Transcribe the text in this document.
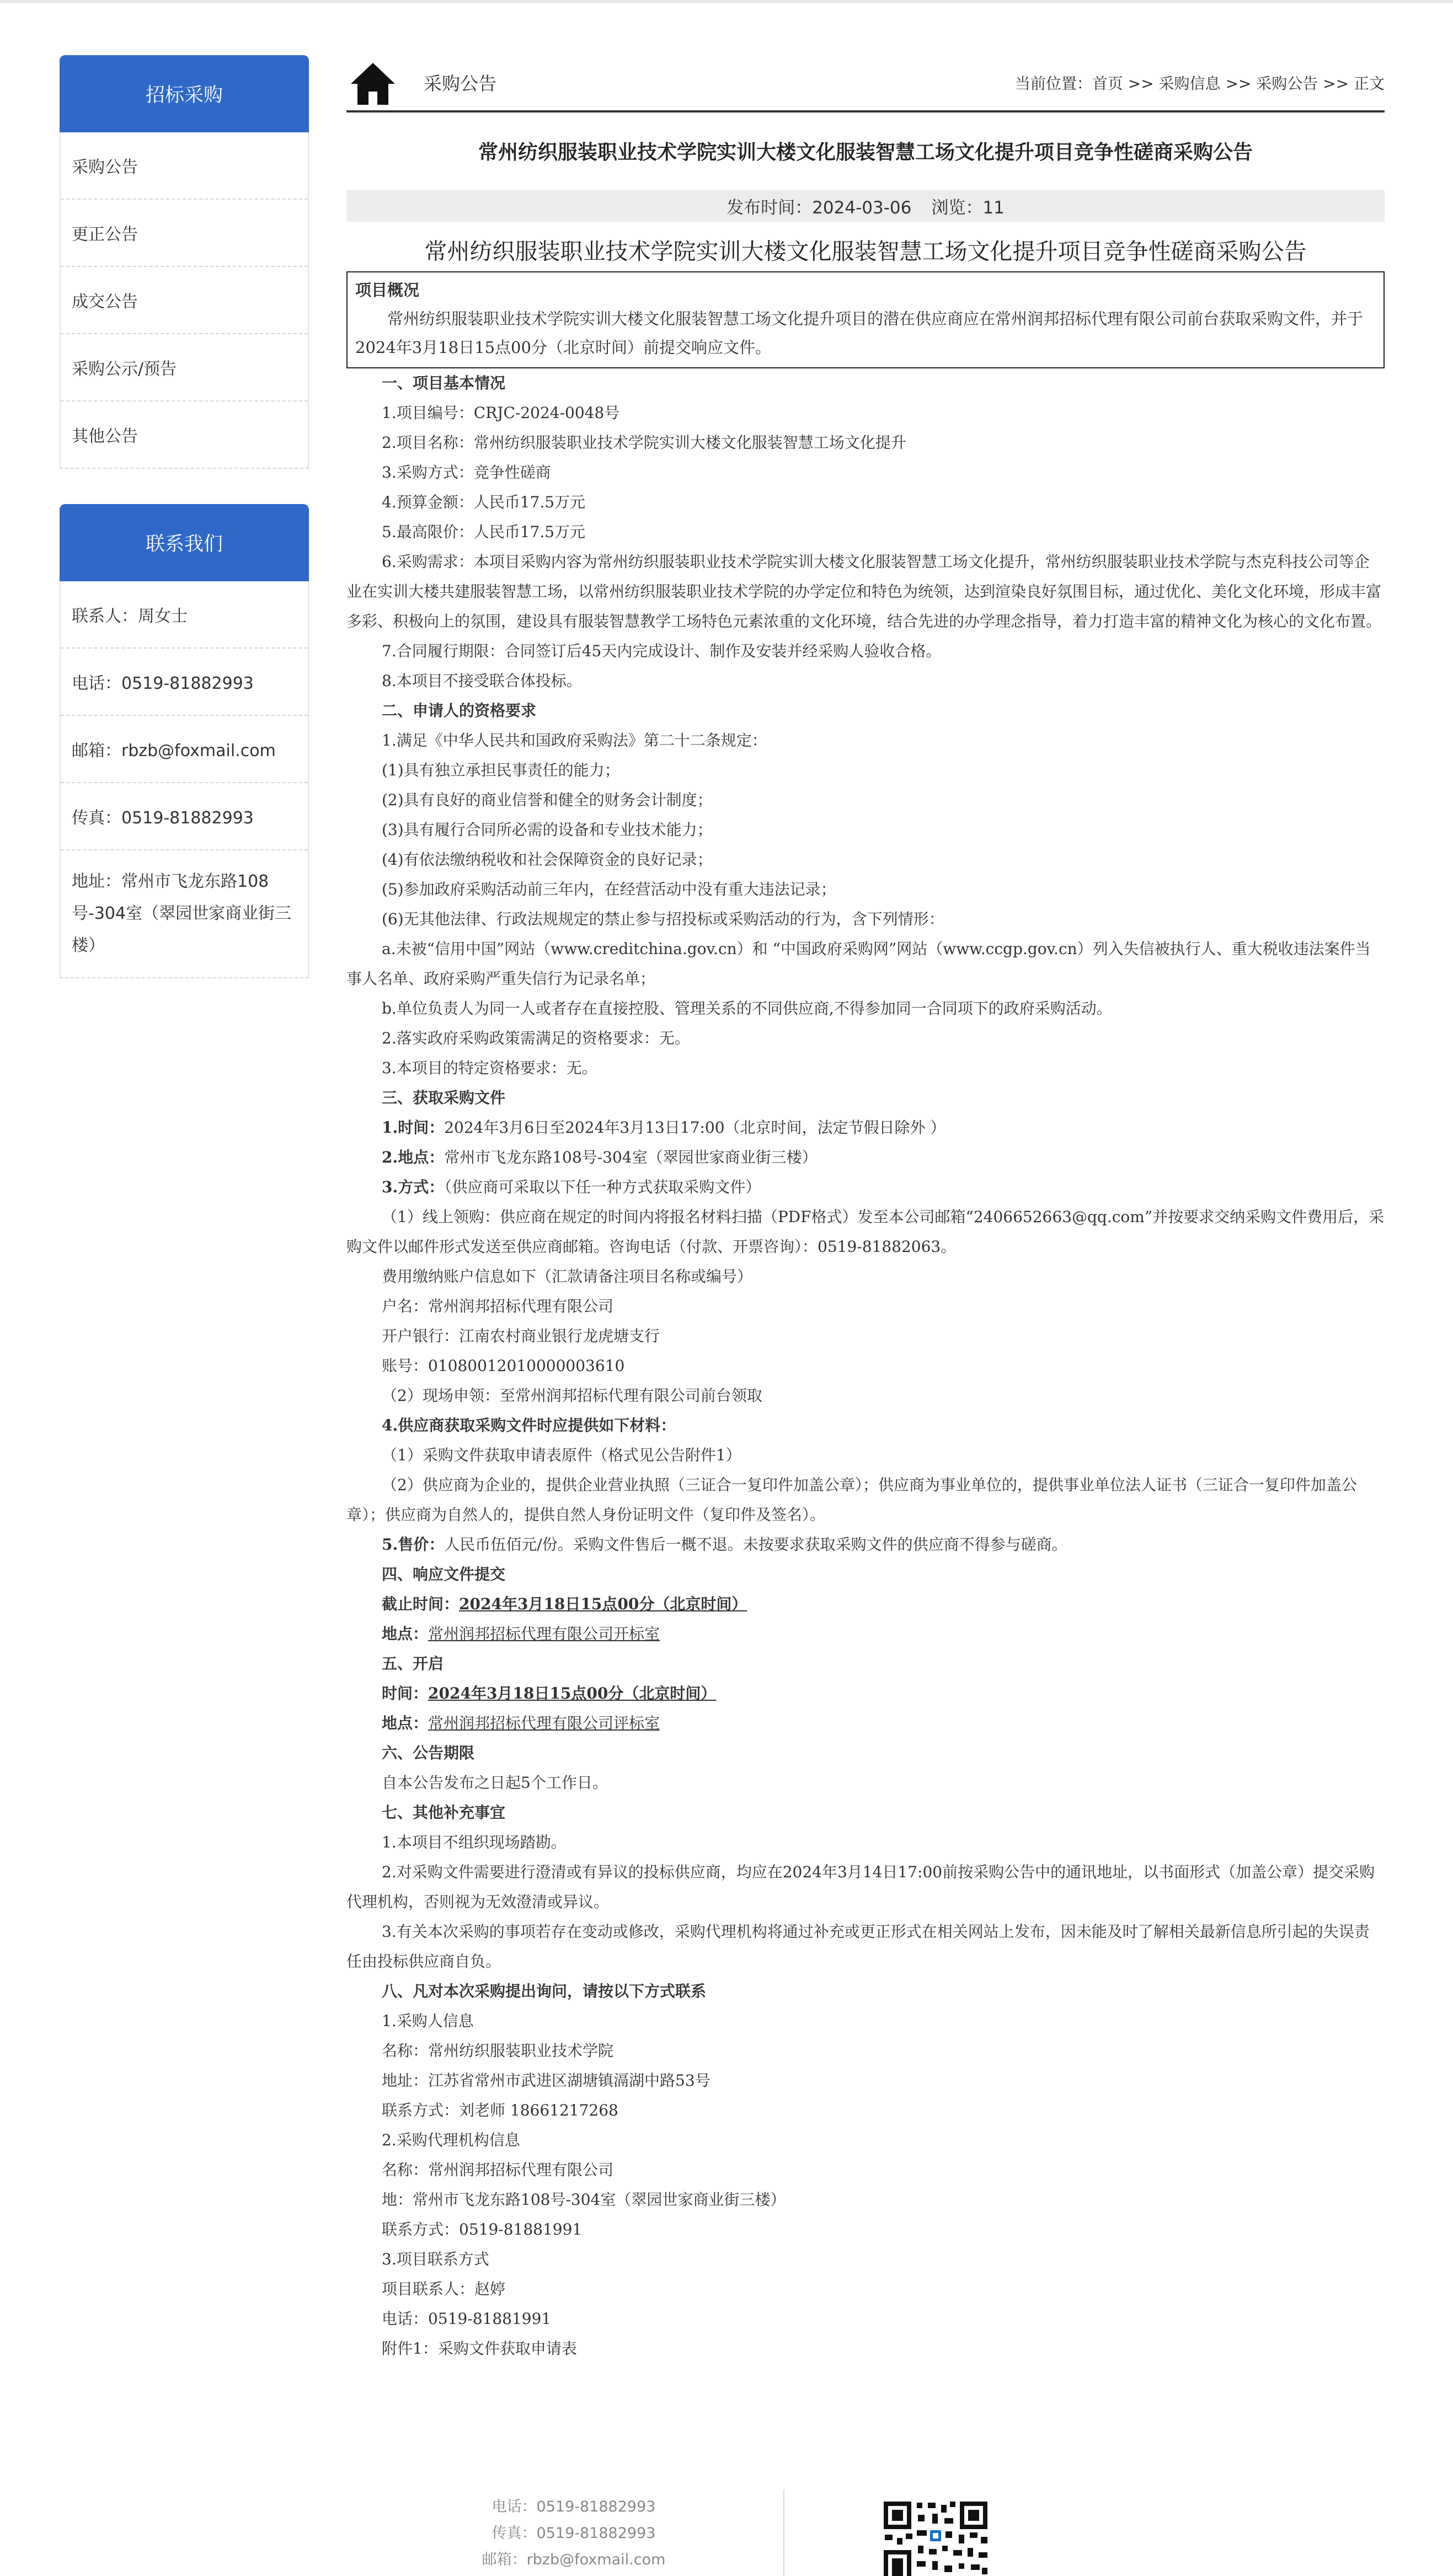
招标采购
采购公告
更正公告
成交公告
采购公示/预告
其他公告
联系我们
联系人：周女士
电话：0519-81882993
邮箱：rbzb@foxmail.com
传真：0519-81882993
地址：常州市飞龙东路108号-304室（翠园世家商业街三楼）
采购公告	当前位置：首页 >> 采购信息 >> 采购公告 >> 正文
常州纺织服装职业技术学院实训大楼文化服装智慧工场文化提升项目竞争性磋商采购公告
发布时间：2024-03-06 浏览：11
常州纺织服装职业技术学院实训大楼文化服装智慧工场文化提升项目竞争性磋商采购公告
项目概况
常州纺织服装职业技术学院实训大楼文化服装智慧工场文化提升项目的潜在供应商应在常州润邦招标代理有限公司前台获取采购文件，并于2024年3月18日15点00分（北京时间）前提交响应文件。

一、项目基本情况

1.项目编号：CRJC-2024-0048号

2.项目名称：常州纺织服装职业技术学院实训大楼文化服装智慧工场文化提升

3.采购方式：竞争性磋商

4.预算金额：人民币17.5万元

5.最高限价：人民币17.5万元

6.采购需求：本项目采购内容为常州纺织服装职业技术学院实训大楼文化服装智慧工场文化提升，常州纺织服装职业技术学院与杰克科技公司等企业在实训大楼共建服装智慧工场，以常州纺织服装职业技术学院的办学定位和特色为统领，达到渲染良好氛围目标，通过优化、美化文化环境，形成丰富多彩、积极向上的氛围，建设具有服装智慧教学工场特色元素浓重的文化环境，结合先进的办学理念指导，着力打造丰富的精神文化为核心的文化布置。

7.合同履行期限：合同签订后45天内完成设计、制作及安装并经采购人验收合格。

8.本项目不接受联合体投标。

二、申请人的资格要求

1.满足《中华人民共和国政府采购法》第二十二条规定：

(1)具有独立承担民事责任的能力；

(2)具有良好的商业信誉和健全的财务会计制度；

(3)具有履行合同所必需的设备和专业技术能力；

(4)有依法缴纳税收和社会保障资金的良好记录；

(5)参加政府采购活动前三年内，在经营活动中没有重大违法记录；

(6)无其他法律、行政法规规定的禁止参与招投标或采购活动的行为，含下列情形：

a.未被“信用中国”网站（www.creditchina.gov.cn）和 “中国政府采购网”网站（www.ccgp.gov.cn）列入失信被执行人、重大税收违法案件当事人名单、政府采购严重失信行为记录名单；

b.单位负责人为同一人或者存在直接控股、管理关系的不同供应商,不得参加同一合同项下的政府采购活动。

2.落实政府采购政策需满足的资格要求：无。

3.本项目的特定资格要求：无。

三、获取采购文件

1.时间：2024年3月6日至2024年3月13日17:00（北京时间，法定节假日除外 ）

2.地点：常州市飞龙东路108号-304室（翠园世家商业街三楼）

3.方式：（供应商可采取以下任一种方式获取采购文件）

（1）线上领购：供应商在规定的时间内将报名材料扫描（PDF格式）发至本公司邮箱“2406652663@qq.com”并按要求交纳采购文件费用后，采购文件以邮件形式发送至供应商邮箱。咨询电话（付款、开票咨询）：0519-81882063。

费用缴纳账户信息如下（汇款请备注项目名称或编号）

户名：常州润邦招标代理有限公司

开户银行：江南农村商业银行龙虎塘支行

账号：01080012010000003610

（2）现场申领：至常州润邦招标代理有限公司前台领取

4.供应商获取采购文件时应提供如下材料：

（1）采购文件获取申请表原件（格式见公告附件1）

（2）供应商为企业的，提供企业营业执照（三证合一复印件加盖公章）；供应商为事业单位的，提供事业单位法人证书（三证合一复印件加盖公章）；供应商为自然人的，提供自然人身份证明文件（复印件及签名）。

5.售价：人民币伍佰元/份。采购文件售后一概不退。未按要求获取采购文件的供应商不得参与磋商。

四、响应文件提交

截止时间：2024年3月18日15点00分（北京时间）

地点：常州润邦招标代理有限公司开标室

五、开启

时间：2024年3月18日15点00分（北京时间）

地点：常州润邦招标代理有限公司评标室

六、公告期限

自本公告发布之日起5个工作日。

七、其他补充事宜

1.本项目不组织现场踏勘。

2.对采购文件需要进行澄清或有异议的投标供应商，均应在2024年3月14日17:00前按采购公告中的通讯地址，以书面形式（加盖公章）提交采购代理机构，否则视为无效澄清或异议。

3.有关本次采购的事项若存在变动或修改，采购代理机构将通过补充或更正形式在相关网站上发布，因未能及时了解相关最新信息所引起的失误责任由投标供应商自负。

八、凡对本次采购提出询问，请按以下方式联系

1.采购人信息

名称：常州纺织服装职业技术学院

地址：江苏省常州市武进区湖塘镇滆湖中路53号

联系方式：刘老师 18661217268

2.采购代理机构信息

名称：常州润邦招标代理有限公司

地：常州市飞龙东路108号-304室（翠园世家商业街三楼）

联系方式：0519-81881991

3.项目联系方式

项目联系人：赵婷

电话：0519-81881991

附件1：采购文件获取申请表

电话：0519-81882993
传真：0519-81882993
邮箱：rbzb@foxmail.com
